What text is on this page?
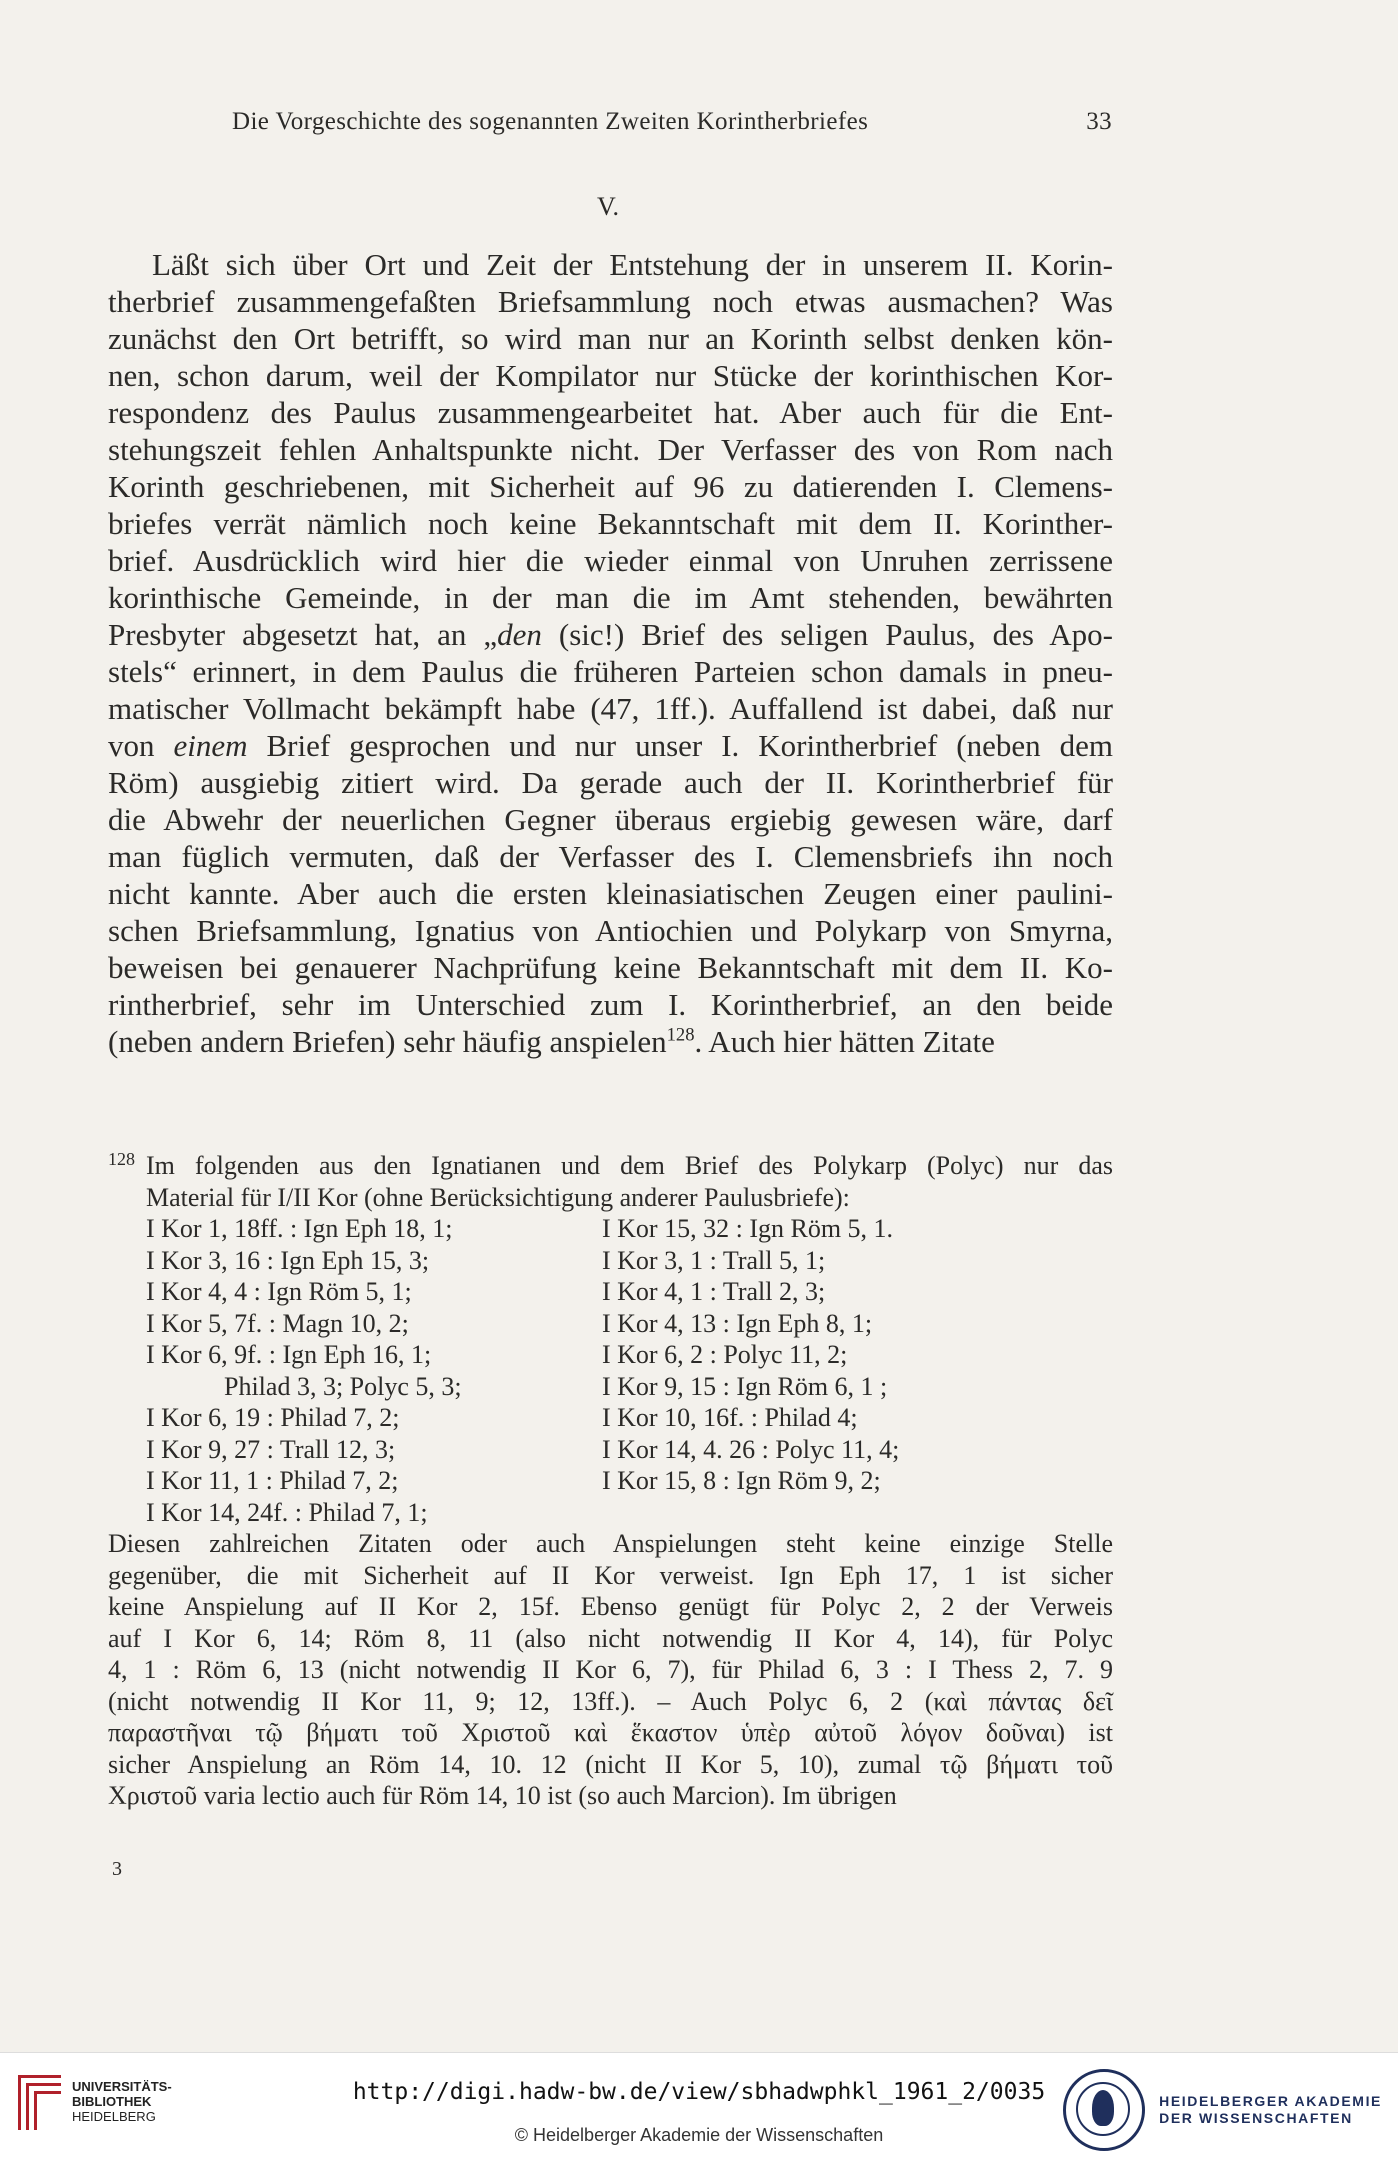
Die Vorgeschichte des sogenannten Zweiten Korintherbriefes	33
V.
Läßt sich über Ort und Zeit der Entstehung der in unserem II. Korin-
therbrief zusammengefaßten Briefsammlung noch etwas ausmachen? Was
zunächst den Ort betrifft, so wird man nur an Korinth selbst denken kön-
nen, schon darum, weil der Kompilator nur Stücke der korinthischen Kor-
respondenz des Paulus zusammengearbeitet hat. Aber auch für die Ent-
stehungszeit fehlen Anhaltspunkte nicht. Der Verfasser des von Rom nach
Korinth geschriebenen, mit Sicherheit auf 96 zu datierenden I. Clemens-
briefes verrät nämlich noch keine Bekanntschaft mit dem II. Korinther-
brief. Ausdrücklich wird hier die wieder einmal von Unruhen zerrissene
korinthische Gemeinde, in der man die im Amt stehenden, bewährten
Presbyter abgesetzt hat, an „den (sic!) Brief des seligen Paulus, des Apo-
stels“ erinnert, in dem Paulus die früheren Parteien schon damals in pneu-
matischer Vollmacht bekämpft habe (47, 1ff.). Auffallend ist dabei, daß nur
von einem Brief gesprochen und nur unser I. Korintherbrief (neben dem
Röm) ausgiebig zitiert wird. Da gerade auch der II. Korintherbrief für
die Abwehr der neuerlichen Gegner überaus ergiebig gewesen wäre, darf
man füglich vermuten, daß der Verfasser des I. Clemensbriefs ihn noch
nicht kannte. Aber auch die ersten kleinasiatischen Zeugen einer paulini-
schen Briefsammlung, Ignatius von Antiochien und Polykarp von Smyrna,
beweisen bei genauerer Nachprüfung keine Bekanntschaft mit dem II. Ko-
rintherbrief, sehr im Unterschied zum I. Korintherbrief, an den beide
(neben andern Briefen) sehr häufig anspielen$^{128}$. Auch hier hätten Zitate
128 Im folgenden aus den Ignatianen und dem Brief des Polykarp (Polyc) nur das
Material für I/II Kor (ohne Berücksichtigung anderer Paulusbriefe):
I Kor 1, 18ff. : Ign Eph 18, 1;	I Kor 15, 32 : Ign Röm 5, 1.
I Kor 3, 16 : Ign Eph 15, 3;	I Kor 3, 1 : Trall 5, 1;
I Kor 4, 4 : Ign Röm 5, 1;	I Kor 4, 1 : Trall 2, 3;
I Kor 5, 7f. : Magn 10, 2;	I Kor 4, 13 : Ign Eph 8, 1;
I Kor 6, 9f. : Ign Eph 16, 1;	I Kor 6, 2 : Polyc 11, 2;
Philad 3, 3; Polyc 5, 3;	I Kor 9, 15 : Ign Röm 6, 1 ;
I Kor 6, 19 : Philad 7, 2;	I Kor 10, 16f. : Philad 4;
I Kor 9, 27 : Trall 12, 3;	I Kor 14, 4. 26 : Polyc 11, 4;
I Kor 11, 1 : Philad 7, 2;	I Kor 15, 8 : Ign Röm 9, 2;
I Kor 14, 24f. : Philad 7, 1;
Diesen zahlreichen Zitaten oder auch Anspielungen steht keine einzige Stelle
gegenüber, die mit Sicherheit auf II Kor verweist. Ign Eph 17, 1 ist sicher
keine Anspielung auf II Kor 2, 15f. Ebenso genügt für Polyc 2, 2 der Verweis
auf I Kor 6, 14; Röm 8, 11 (also nicht notwendig II Kor 4, 14), für Polyc
4, 1 : Röm 6, 13 (nicht notwendig II Kor 6, 7), für Philad 6, 3 : I Thess 2, 7. 9
(nicht notwendig II Kor 11, 9; 12, 13ff.). – Auch Polyc 6, 2 (καὶ πάντας δεῖ
παραστῆναι τῷ βήματι τοῦ Χριστοῦ καὶ ἕκαστον ὑπὲρ αὐτοῦ λόγον δοῦναι) ist
sicher Anspielung an Röm 14, 10. 12 (nicht II Kor 5, 10), zumal τῷ βήματι τοῦ
Χριστοῦ varia lectio auch für Röm 14, 10 ist (so auch Marcion). Im übrigen
3
UNIVERSITÄTS-
BIBLIOTHEK
HEIDELBERG
http://digi.hadw-bw.de/view/sbhadwphkl_1961_2/0035
© Heidelberger Akademie der Wissenschaften
HEIDELBERGER AKADEMIE
DER WISSENSCHAFTEN
